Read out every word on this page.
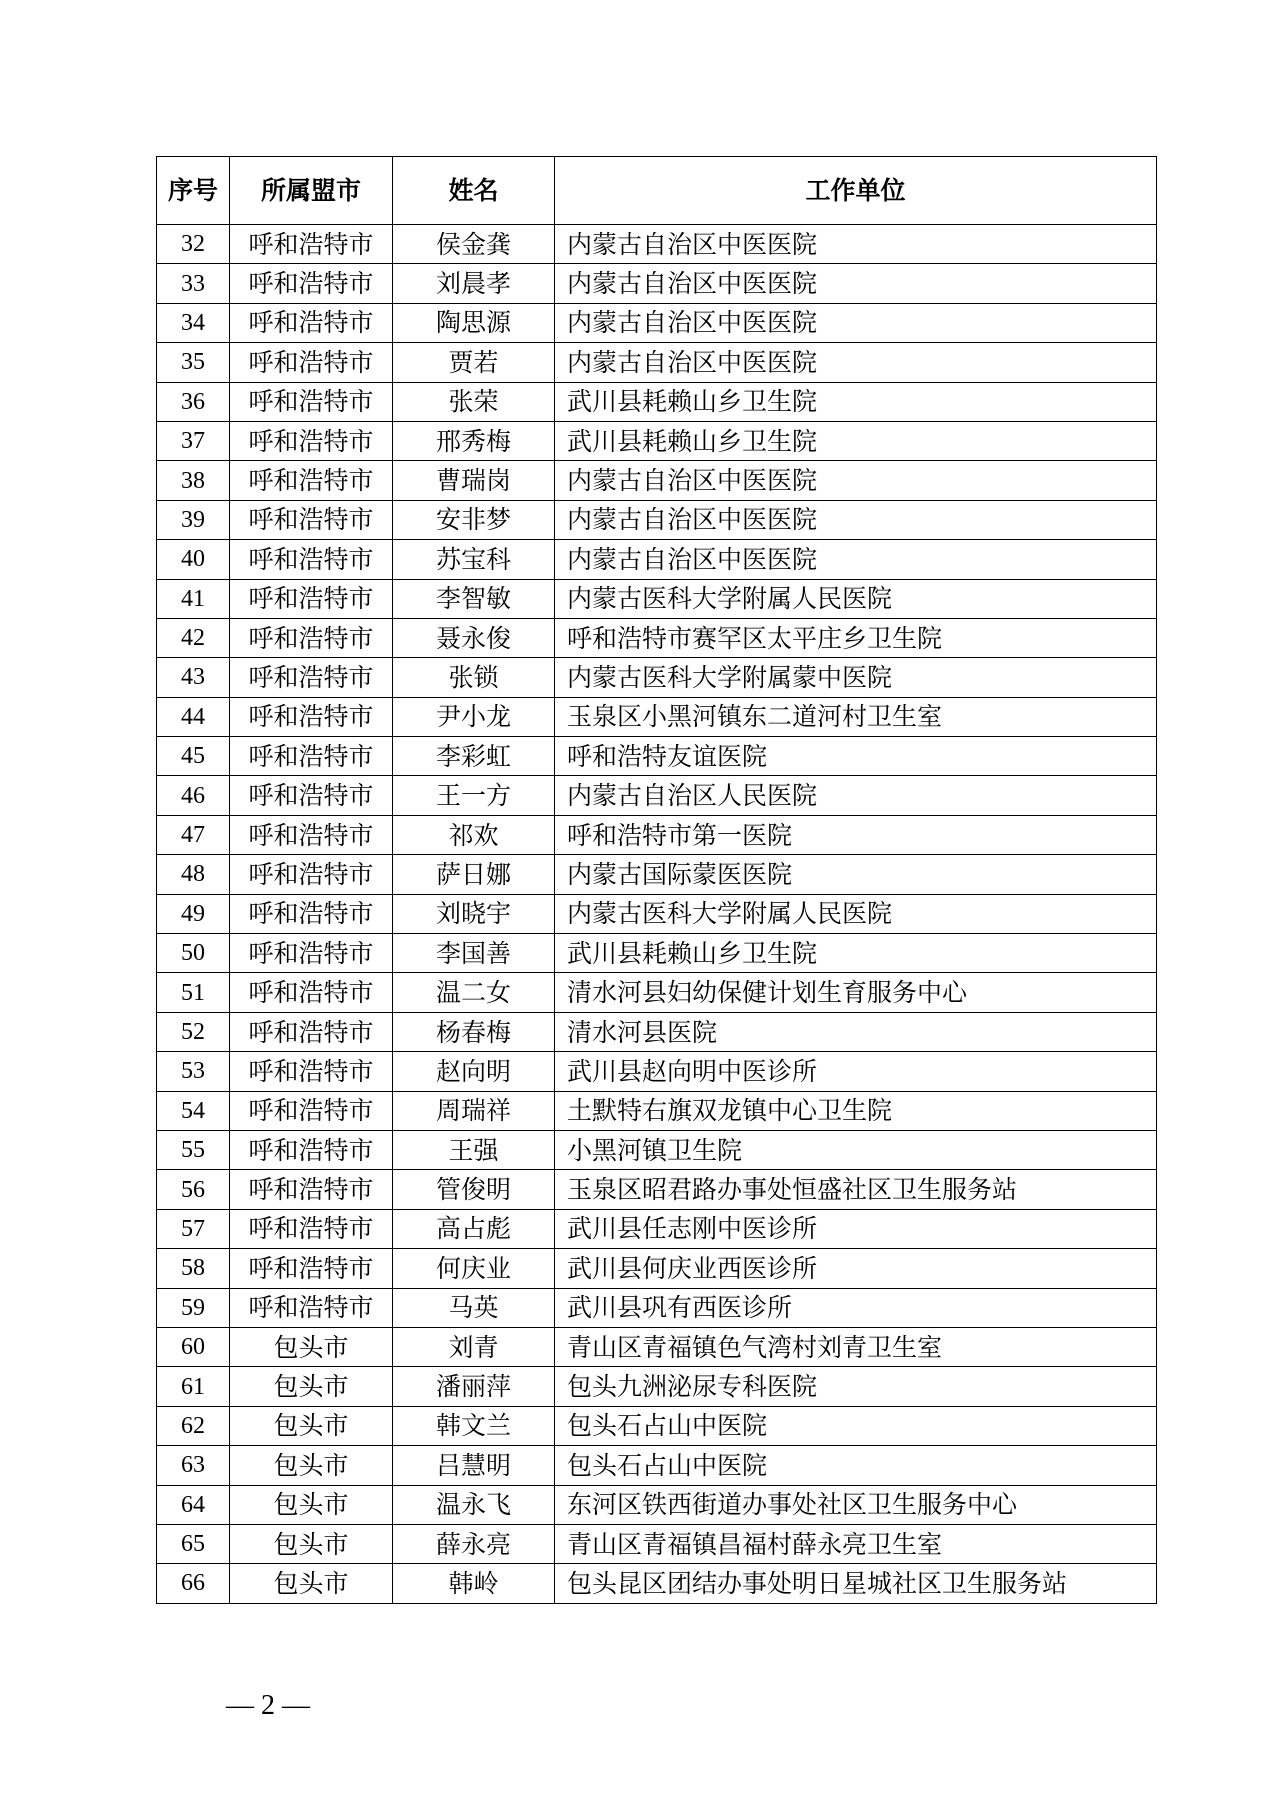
序号	所属盟市	姓名	工作单位
32	呼和浩特市	侯金龚	内蒙古自治区中医医院
33	呼和浩特市	刘晨孝	内蒙古自治区中医医院
34	呼和浩特市	陶思源	内蒙古自治区中医医院
35	呼和浩特市	贾若	内蒙古自治区中医医院
36	呼和浩特市	张荣	武川县耗赖山乡卫生院
37	呼和浩特市	邢秀梅	武川县耗赖山乡卫生院
38	呼和浩特市	曹瑞岗	内蒙古自治区中医医院
39	呼和浩特市	安非梦	内蒙古自治区中医医院
40	呼和浩特市	苏宝科	内蒙古自治区中医医院
41	呼和浩特市	李智敏	内蒙古医科大学附属人民医院
42	呼和浩特市	聂永俊	呼和浩特市赛罕区太平庄乡卫生院
43	呼和浩特市	张锁	内蒙古医科大学附属蒙中医院
44	呼和浩特市	尹小龙	玉泉区小黑河镇东二道河村卫生室
45	呼和浩特市	李彩虹	呼和浩特友谊医院
46	呼和浩特市	王一方	内蒙古自治区人民医院
47	呼和浩特市	祁欢	呼和浩特市第一医院
48	呼和浩特市	萨日娜	内蒙古国际蒙医医院
49	呼和浩特市	刘晓宇	内蒙古医科大学附属人民医院
50	呼和浩特市	李国善	武川县耗赖山乡卫生院
51	呼和浩特市	温二女	清水河县妇幼保健计划生育服务中心
52	呼和浩特市	杨春梅	清水河县医院
53	呼和浩特市	赵向明	武川县赵向明中医诊所
54	呼和浩特市	周瑞祥	土默特右旗双龙镇中心卫生院
55	呼和浩特市	王强	小黑河镇卫生院
56	呼和浩特市	管俊明	玉泉区昭君路办事处恒盛社区卫生服务站
57	呼和浩特市	高占彪	武川县任志刚中医诊所
58	呼和浩特市	何庆业	武川县何庆业西医诊所
59	呼和浩特市	马英	武川县巩有西医诊所
60	包头市	刘青	青山区青福镇色气湾村刘青卫生室
61	包头市	潘丽萍	包头九洲泌尿专科医院
62	包头市	韩文兰	包头石占山中医院
63	包头市	吕慧明	包头石占山中医院
64	包头市	温永飞	东河区铁西街道办事处社区卫生服务中心
65	包头市	薛永亮	青山区青福镇昌福村薛永亮卫生室
66	包头市	韩岭	包头昆区团结办事处明日星城社区卫生服务站
— 2 —
